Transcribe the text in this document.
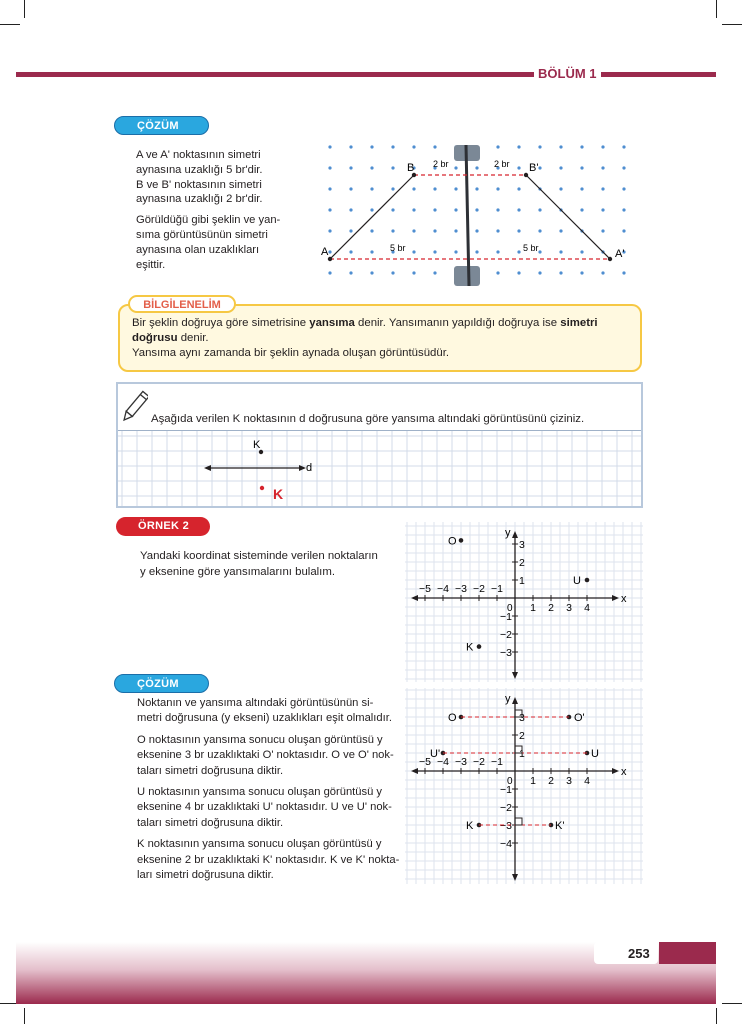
BÖLÜM 1
ÇÖZÜM

A ve A' noktasının simetri
aynasına uzaklığı 5 br'dir.
B ve B' noktasının simetri
aynasına uzaklığı 2 br'dir.

Görüldüğü gibi şeklin ve yan-
sıma görüntüsünün simetri
aynasına olan uzaklıkları
eşittir.

A
B	B'
A'
2 br	2 br
5 br	5 br
BİLGİLENELİM
Bir şeklin doğruya göre simetrisine yansıma denir. Yansımanın yapıldığı doğruya ise simetri
doğrusu denir.
Yansıma aynı zamanda bir şeklin aynada oluşan görüntüsüdür.
Aşağıda verilen K noktasının d doğrusuna göre yansıma altındaki görüntüsünü çiziniz.
K
d
K
ÖRNEK 2
Yandaki koordinat sisteminde verilen noktaların
y eksenine göre yansımalarını bulalım.
x
y
0
−5 −4 −3 −2 −1
1 2 3 4
3
2
1
−1
−2
−3
O
U
K
ÇÖZÜM

Noktanın ve yansıma altındaki görüntüsünün si-
metri doğrusuna (y ekseni) uzaklıkları eşit olmalıdır.

O noktasının yansıma sonucu oluşan görüntüsü y
eksenine 3 br uzaklıktaki O' noktasıdır. O ve O' nok-
taları simetri doğrusuna diktir.

U noktasının yansıma sonucu oluşan görüntüsü y
eksenine 4 br uzaklıktaki U' noktasıdır. U ve U' nok-
taları simetri doğrusuna diktir.

K noktasının yansıma sonucu oluşan görüntüsü y
eksenine 2 br uzaklıktaki K' noktasıdır. K ve K' nokta-
ları simetri doğrusuna diktir.

x
y
0
−5 −4 −3 −2 −1
1 2 3 4
3
2
1
−1
−2
−3
−4
O	O'
U
U'
K	K'
253
